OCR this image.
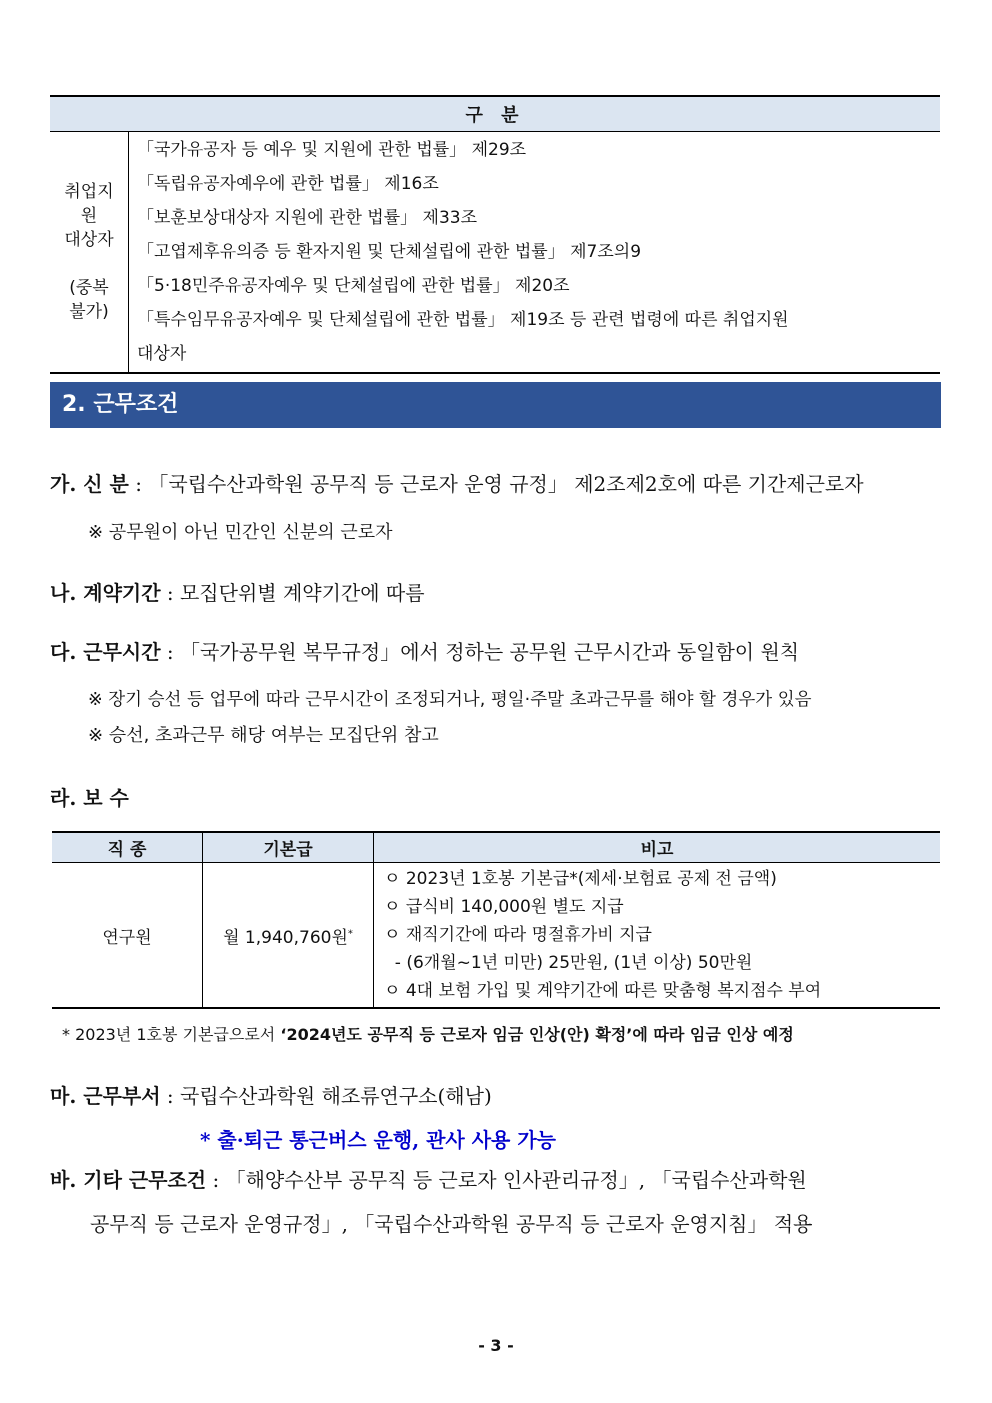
구 분

취업지
원
대상자
(중복
불가)

「국가유공자 등 예우 및 지원에 관한 법률」 제29조
「독립유공자예우에 관한 법률」 제16조
「보훈보상대상자 지원에 관한 법률」 제33조
「고엽제후유의증 등 환자지원 및 단체설립에 관한 법률」 제7조의9
「5·18민주유공자예우 및 단체설립에 관한 법률」 제20조
「특수임무유공자예우 및 단체설립에 관한 법률」 제19조 등 관련 법령에 따른 취업지원
대상자
2. 근무조건
가. 신 분 : 「국립수산과학원 공무직 등 근로자 운영 규정」 제2조제2호에 따른 기간제근로자
※ 공무원이 아닌 민간인 신분의 근로자
나. 계약기간 : 모집단위별 계약기간에 따름
다. 근무시간 : 「국가공무원 복무규정」에서 정하는 공무원 근무시간과 동일함이 원칙
※ 장기 승선 등 업무에 따라 근무시간이 조정되거나, 평일·주말 초과근무를 해야 할 경우가 있음
※ 승선, 초과근무 해당 여부는 모집단위 참고
라. 보 수
직 종	기본급	비고
연구원	월 1,940,760원*	ㅇ 2023년 1호봉 기본급*(제세·보험료 공제 전 금액)
ㅇ 급식비 140,000원 별도 지급
ㅇ 재직기간에 따라 명절휴가비 지급
- (6개월~1년 미만) 25만원, (1년 이상) 50만원
ㅇ 4대 보험 가입 및 계약기간에 따른 맞춤형 복지점수 부여
* 2023년 1호봉 기본급으로서 ‘2024년도 공무직 등 근로자 임금 인상(안) 확정’에 따라 임금 인상 예정
마. 근무부서 : 국립수산과학원 해조류연구소(해남)
* 출·퇴근 통근버스 운행, 관사 사용 가능
바. 기타 근무조건 : 「해양수산부 공무직 등 근로자 인사관리규정」, 「국립수산과학원
공무직 등 근로자 운영규정」, 「국립수산과학원 공무직 등 근로자 운영지침」 적용
- 3 -
